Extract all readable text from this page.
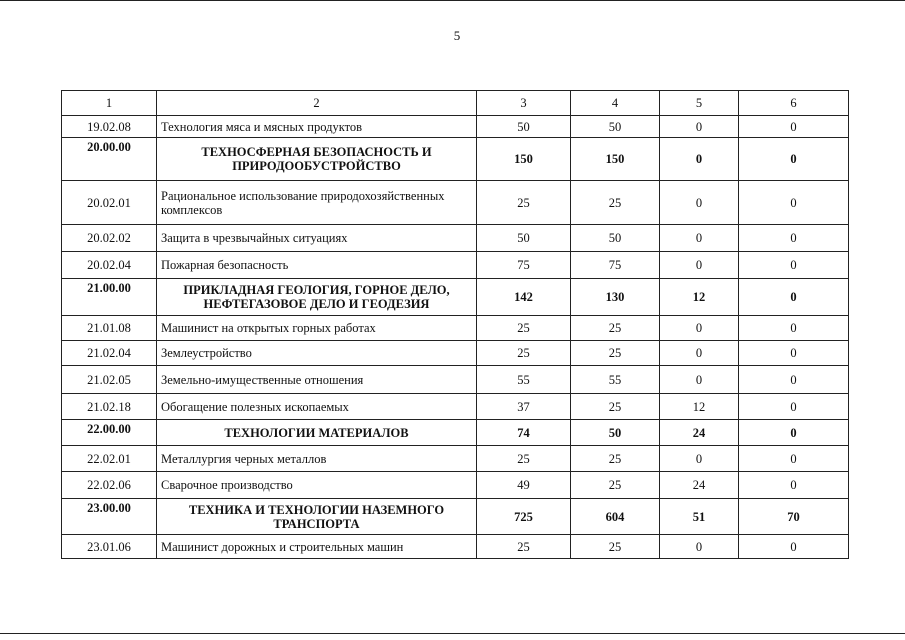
5
1	2	3	4	5	6
19.02.08	Технология мяса и мясных продуктов	50	50	0	0
20.00.00	ТЕХНОСФЕРНАЯ БЕЗОПАСНОСТЬ И ПРИРОДООБУСТРОЙСТВО	150	150	0	0
20.02.01	Рациональное использование природохозяйственных комплексов	25	25	0	0
20.02.02	Защита в чрезвычайных ситуациях	50	50	0	0
20.02.04	Пожарная безопасность	75	75	0	0
21.00.00	ПРИКЛАДНАЯ ГЕОЛОГИЯ, ГОРНОЕ ДЕЛО, НЕФТЕГАЗОВОЕ ДЕЛО И ГЕОДЕЗИЯ	142	130	12	0
21.01.08	Машинист на открытых горных работах	25	25	0	0
21.02.04	Землеустройство	25	25	0	0
21.02.05	Земельно-имущественные отношения	55	55	0	0
21.02.18	Обогащение полезных ископаемых	37	25	12	0
22.00.00	ТЕХНОЛОГИИ МАТЕРИАЛОВ	74	50	24	0
22.02.01	Металлургия черных металлов	25	25	0	0
22.02.06	Сварочное производство	49	25	24	0
23.00.00	ТЕХНИКА И ТЕХНОЛОГИИ НАЗЕМНОГО ТРАНСПОРТА	725	604	51	70
23.01.06	Машинист дорожных и строительных машин	25	25	0	0
